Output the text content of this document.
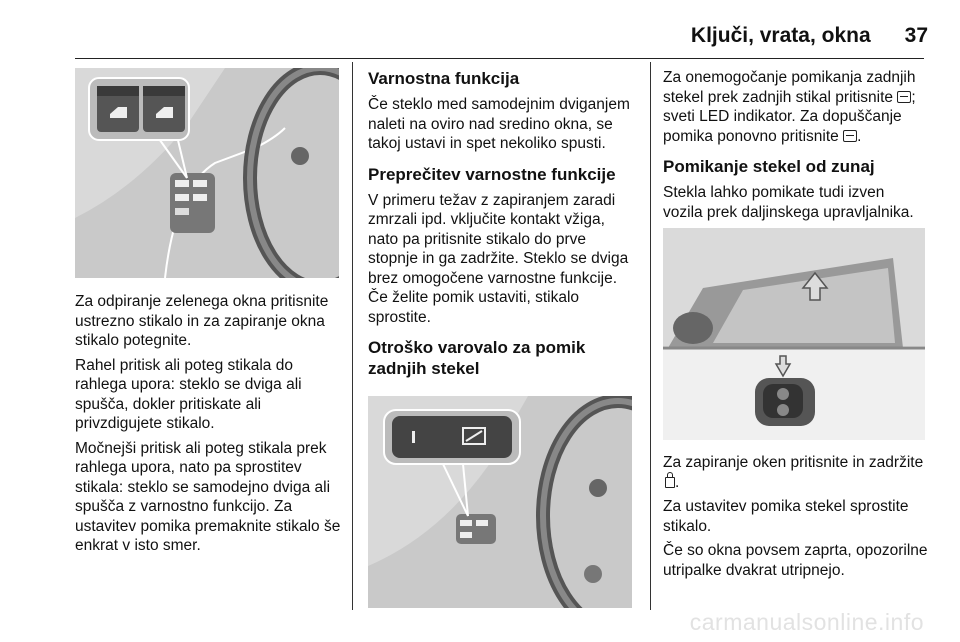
Ključi, vrata, okna 37

Za odpiranje zelenega okna pritisnite ustrezno stikalo in za zapiranje okna stikalo potegnite.

Rahel pritisk ali poteg stikala do rahlega upora: steklo se dviga ali spušča, dokler pritiskate ali privzdigujete stikalo.

Močnejši pritisk ali poteg stikala prek rahlega upora, nato pa sprostitev stikala: steklo se samodejno dviga ali spušča z varnostno funkcijo. Za ustavitev pomika premaknite stikalo še enkrat v isto smer.

Varnostna funkcija

Če steklo med samodejnim dviganjem naleti na oviro nad sredino okna, se takoj ustavi in spet nekoliko spusti.

Preprečitev varnostne funkcije

V primeru težav z zapiranjem zaradi zmrzali ipd. vključite kontakt vžiga, nato pa pritisnite stikalo do prve stopnje in ga zadržite. Steklo se dviga brez omogočene varnostne funkcije. Če želite pomik ustaviti, stikalo sprostite.

Otroško varovalo za pomik zadnjih stekel

Za onemogočanje pomikanja zadnjih stekel prek zadnjih stikal pritisnite ; sveti LED indikator. Za dopuščanje pomika ponovno pritisnite .

Pomikanje stekel od zunaj

Stekla lahko pomikate tudi izven vozila prek daljinskega upravljalnika.

Za zapiranje oken pritisnite in zadržite .

Za ustavitev pomika stekel sprostite stikalo.

Če so okna povsem zaprta, opozorilne utripalke dvakrat utripnejo.

carmanualsonline.info
